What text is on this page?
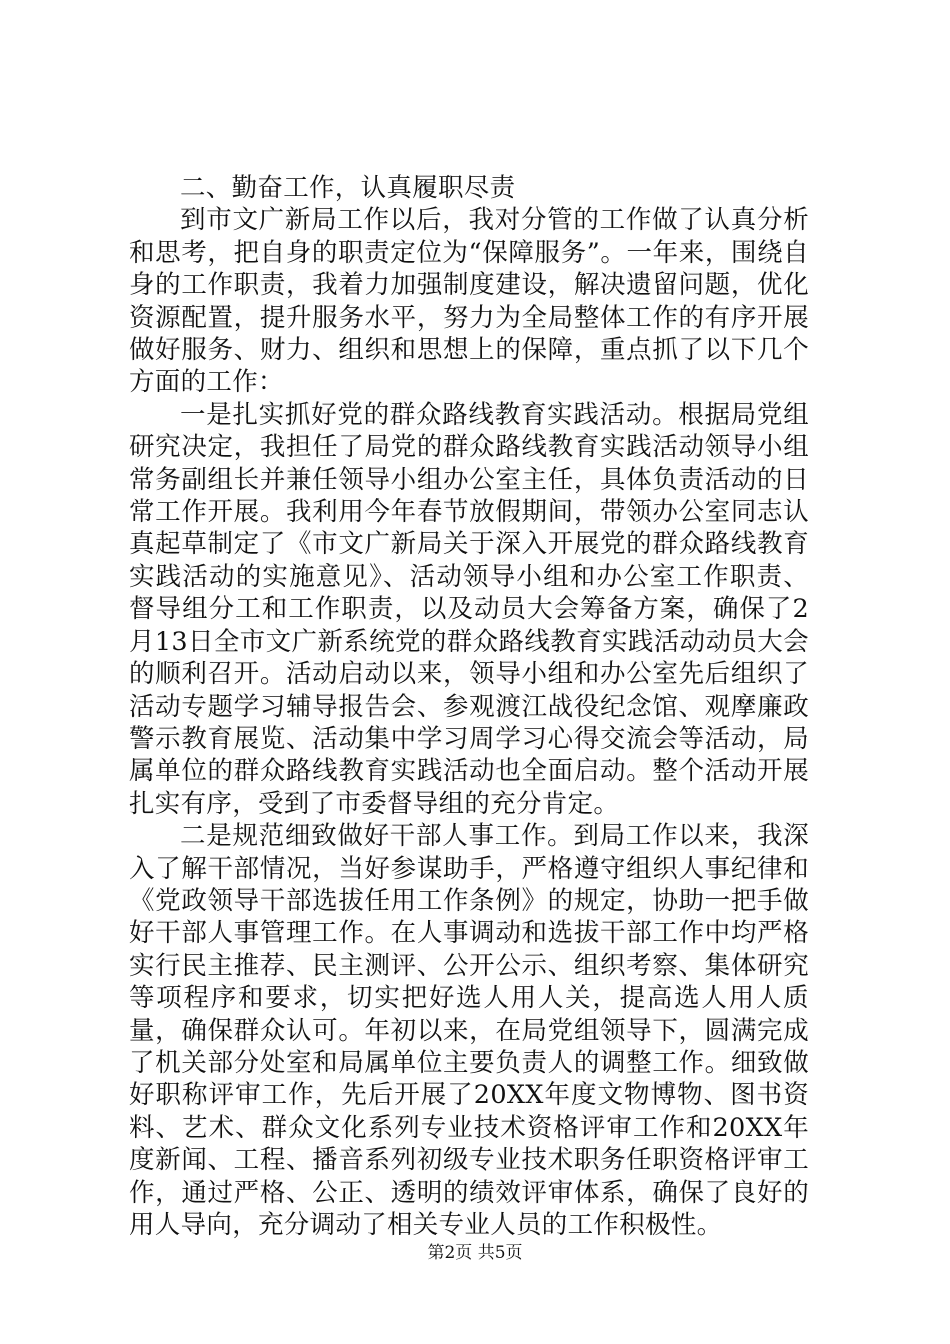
二、勤奋工作，认真履职尽责

到市文广新局工作以后，我对分管的工作做了认真分析和思考，把自身的职责定位为“保障服务”。一年来，围绕自身的工作职责，我着力加强制度建设，解决遗留问题，优化资源配置，提升服务水平，努力为全局整体工作的有序开展做好服务、财力、组织和思想上的保障，重点抓了以下几个方面的工作：

一是扎实抓好党的群众路线教育实践活动。根据局党组研究决定，我担任了局党的群众路线教育实践活动领导小组常务副组长并兼任领导小组办公室主任，具体负责活动的日常工作开展。我利用今年春节放假期间，带领办公室同志认真起草制定了《市文广新局关于深入开展党的群众路线教育实践活动的实施意见》、活动领导小组和办公室工作职责、督导组分工和工作职责，以及动员大会筹备方案，确保了2月13日全市文广新系统党的群众路线教育实践活动动员大会的顺利召开。活动启动以来，领导小组和办公室先后组织了活动专题学习辅导报告会、参观渡江战役纪念馆、观摩廉政警示教育展览、活动集中学习周学习心得交流会等活动，局属单位的群众路线教育实践活动也全面启动。整个活动开展扎实有序，受到了市委督导组的充分肯定。

二是规范细致做好干部人事工作。到局工作以来，我深入了解干部情况，当好参谋助手，严格遵守组织人事纪律和《党政领导干部选拔任用工作条例》的规定，协助一把手做好干部人事管理工作。在人事调动和选拔干部工作中均严格实行民主推荐、民主测评、公开公示、组织考察、集体研究等项程序和要求，切实把好选人用人关，提高选人用人质量，确保群众认可。年初以来，在局党组领导下，圆满完成了机关部分处室和局属单位主要负责人的调整工作。细致做好职称评审工作，先后开展了20XX年度文物博物、图书资料、艺术、群众文化系列专业技术资格评审工作和20XX年度新闻、工程、播音系列初级专业技术职务任职资格评审工作，通过严格、公正、透明的绩效评审体系，确保了良好的用人导向，充分调动了相关专业人员的工作积极性。

第2页 共5页
